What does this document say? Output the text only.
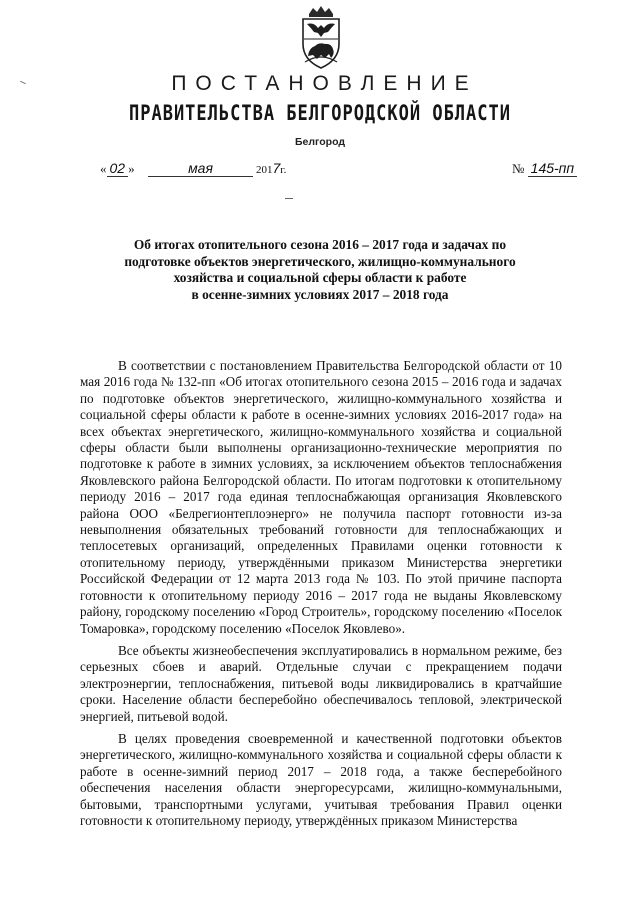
ПОСТАНОВЛЕНИЕ
ПРАВИТЕЛЬСТВА БЕЛГОРОДСКОЙ ОБЛАСТИ
Белгород
« 02 »	мая	2017г.	№ 145-пп
Об итогах отопительного сезона 2016 – 2017 года и задачах по
подготовке объектов энергетического, жилищно-коммунального
хозяйства и социальной сферы области к работе
в осенне-зимних условиях 2017 – 2018 года

В соответствии с постановлением Правительства Белгородской области от 10 мая 2016 года № 132-пп «Об итогах отопительного сезона 2015 – 2016 года и задачах по подготовке объектов энергетического, жилищно-коммунального хозяйства и социальной сферы области к работе в осенне-зимних условиях 2016-2017 года» на всех объектах энергетического, жилищно-коммунального хозяйства и социальной сферы области были выполнены организационно-технические мероприятия по подготовке к работе в зимних условиях, за исключением объектов теплоснабжения Яковлевского района Белгородской области. По итогам подготовки к отопительному периоду 2016 – 2017 года единая теплоснабжающая организация Яковлевского района ООО «Белрегионтеплоэнерго» не получила паспорт готовности из-за невыполнения обязательных требований готовности для теплоснабжающих и теплосетевых организаций, определенных Правилами оценки готовности к отопительному периоду, утверждёнными приказом Министерства энергетики Российской Федерации от 12 марта 2013 года № 103. По этой причине паспорта готовности к отопительному периоду 2016 – 2017 года не выданы Яковлевскому району, городскому поселению «Город Строитель», городскому поселению «Поселок Томаровка», городскому поселению «Поселок Яковлево».

Все объекты жизнеобеспечения эксплуатировались в нормальном режиме, без серьезных сбоев и аварий. Отдельные случаи с прекращением подачи электроэнергии, теплоснабжения, питьевой воды ликвидировались в кратчайшие сроки. Население области бесперебойно обеспечивалось тепловой, электрической энергией, питьевой водой.

В целях проведения своевременной и качественной подготовки объектов энергетического, жилищно-коммунального хозяйства и социальной сферы области к работе в осенне-зимний период 2017 – 2018 года, а также бесперебойного обеспечения населения области энергоресурсами, жилищно-коммунальными, бытовыми, транспортными услугами, учитывая требования Правил оценки готовности к отопительному периоду, утверждённых приказом Министерства
